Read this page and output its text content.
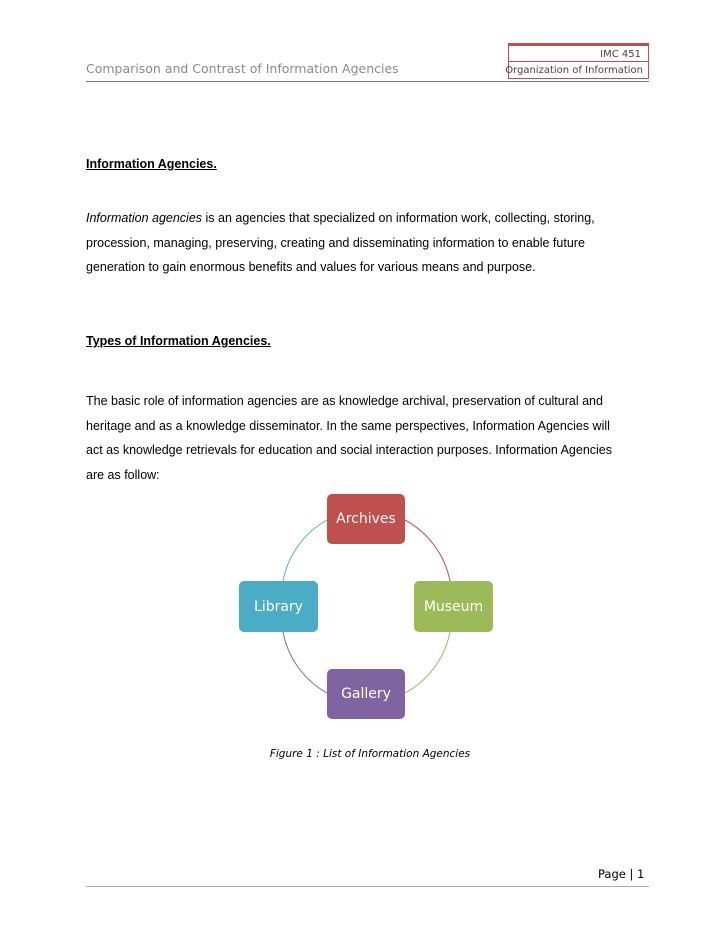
Comparison and Contrast of Information Agencies
IMC 451
Organization of Information
Information Agencies.
Information agencies is an agencies that specialized on information work, collecting, storing,
procession, managing, preserving, creating and disseminating information to enable future
generation to gain enormous benefits and values for various means and purpose.
Types of Information Agencies.
The basic role of information agencies are as knowledge archival, preservation of cultural and
heritage and as a knowledge disseminator. In the same perspectives, Information Agencies will
act as knowledge retrievals for education and social interaction purposes. Information Agencies
are as follow:
Archives
Museum
Gallery
Library
Figure 1 : List of Information Agencies
Page | 1
